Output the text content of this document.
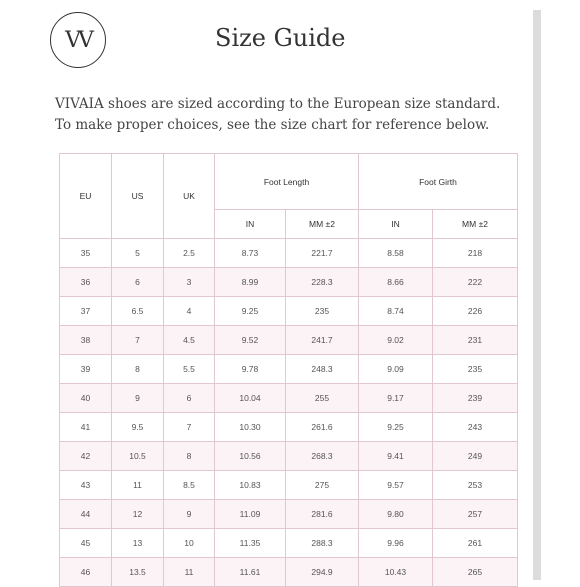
VV	Size Guide
VIVAIA shoes are sized according to the European size standard.
To make proper choices, see the size chart for reference below.
EU	US	UK	Foot Length		Foot Girth	
			IN	MM ±2	IN	MM ±2
35	5	2.5	8.73	221.7	8.58	218
36	6	3	8.99	228.3	8.66	222
37	6.5	4	9.25	235	8.74	226
38	7	4.5	9.52	241.7	9.02	231
39	8	5.5	9.78	248.3	9.09	235
40	9	6	10.04	255	9.17	239
41	9.5	7	10.30	261.6	9.25	243
42	10.5	8	10.56	268.3	9.41	249
43	11	8.5	10.83	275	9.57	253
44	12	9	11.09	281.6	9.80	257
45	13	10	11.35	288.3	9.96	261
46	13.5	11	11.61	294.9	10.43	265
